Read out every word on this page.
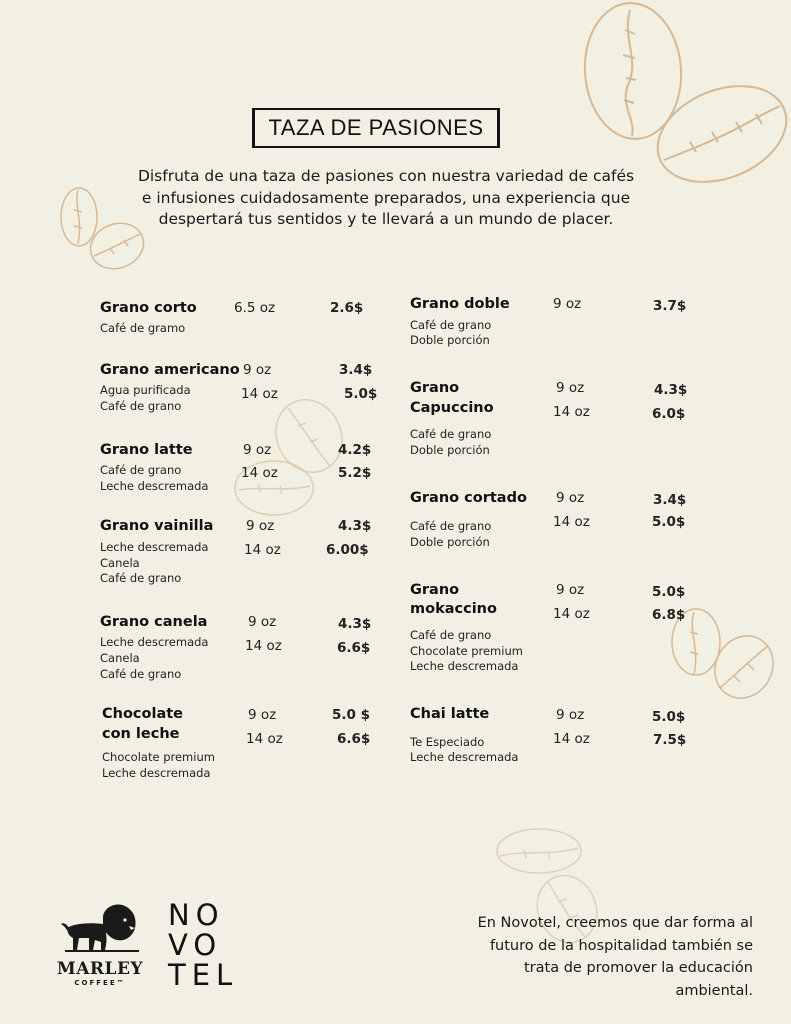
TAZA DE PASIONES
Disfruta de una taza de pasiones con nuestra variedad de cafés
e infusiones cuidadosamente preparados, una experiencia que
despertará tus sentidos y te llevará a un mundo de placer.
Grano corto
Café de gramo
6.5 oz	2.6$
Grano americano
Agua purificada
Café de grano
9 oz
14 oz
3.4$
5.0$
Grano latte
Café de grano
Leche descremada
9 oz
14 oz
4.2$
5.2$
Grano vainilla
Leche descremada
Canela
Café de grano
9 oz
14 oz
4.3$
6.00$
Grano canela
Leche descremada
Canela
Café de grano
9 oz
14 oz
4.3$
6.6$
Chocolate
con leche
Chocolate premium
Leche descremada
9 oz
14 oz
5.0 $
6.6$
Grano doble
Café de grano
Doble porción
9 oz	3.7$
Grano
Capuccino
Café de grano
Doble porción
9 oz
14 oz
4.3$
6.0$
Grano cortado
Café de grano
Doble porción
9 oz
14 oz
3.4$
5.0$
Grano
mokaccino
Café de grano
Chocolate premium
Leche descremada
9 oz
14 oz
5.0$
6.8$
Chai latte
Te Especiado
Leche descremada
9 oz
14 oz
5.0$
7.5$
MARLEY
COFFEE™
NO
VO
TEL
En Novotel, creemos que dar forma al
futuro de la hospitalidad también se
trata de promover la educación
ambiental.
